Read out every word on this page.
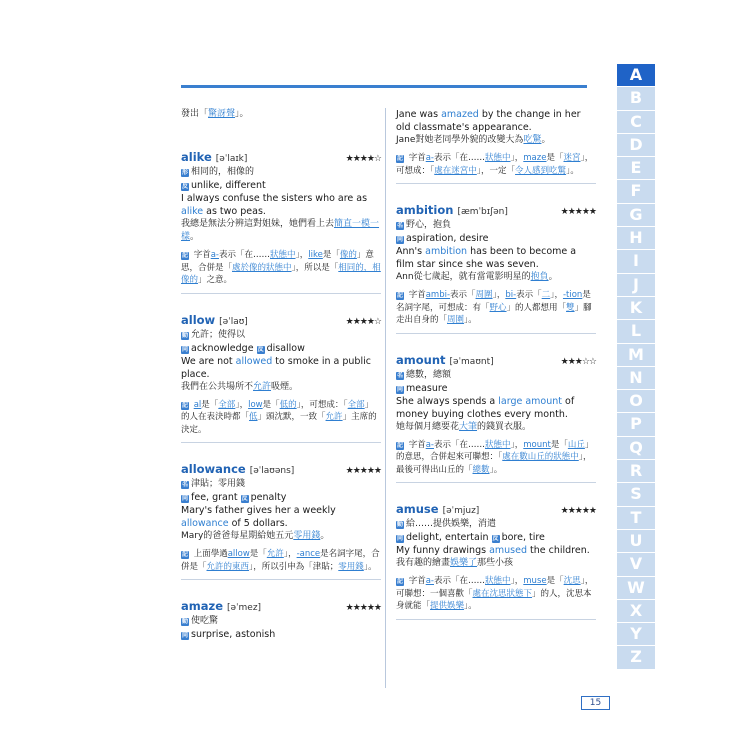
發出「驚訝聲」。
alike [əˈlaɪk]	★★★★☆
形 相同的，相像的
反 unlike, different
I always confuse the sisters who are as alike as two peas.
我總是無法分辨這對姐妹，她們看上去簡直一模一樣。
記 字首a-表示「在……狀態中」，like是「像的」意思，合併是「處於像的狀態中」，所以是「相同的，相像的」之意。
allow [əˈlaʊ]	★★★★☆
動 允許；使得以
同 acknowledge 反 disallow
We are not allowed to smoke in a public place.
我們在公共場所不允許吸煙。
記 al是「全部」，low是「低的」，可想成：「全部」的人在表決時都「低」頭沈默，一致「允許」主席的決定。
allowance [əˈlaʊəns]	★★★★★
名 津貼；零用錢
同 fee, grant 反 penalty
Mary's father gives her a weekly allowance of 5 dollars.
Mary的爸爸每星期給她五元零用錢。
記 上面學過allow是「允許」，-ance是名詞字尾，合併是「允許的東西」，所以引申為「津貼；零用錢」。
amaze [əˈmez]	★★★★★
動 使吃驚
同 surprise, astonish
Jane was amazed by the change in her old classmate's appearance.
Jane對她老同學外貌的改變大為吃驚。
記 字首a-表示「在……狀態中」，maze是「迷宮」，可想成：「處在迷宮中」，一定「令人感到吃驚」。
ambition [æmˈbɪʃən]	★★★★★
名 野心，抱負
同 aspiration, desire
Ann's ambition has been to become a film star since she was seven.
Ann從七歲起，就有當電影明星的抱負。
記 字首ambi-表示「周圍」，bi-表示「二」，-tion是名詞字尾，可想成：有「野心」的人都想用「雙」腳走出自身的「周圍」。
amount [əˈmaʊnt]	★★★☆☆
名 總數，總額
同 measure
She always spends a large amount of money buying clothes every month.
她每個月總要花大筆的錢買衣服。
記 字首a-表示「在……狀態中」，mount是「山丘」的意思，合併起來可聯想：「處在數山丘的狀態中」，最後可得出山丘的「總數」。
amuse [əˈmjuz]	★★★★★
動 給……提供娛樂，消遣
同 delight, entertain 反 bore, tire
My funny drawings amused the children.
我有趣的繪畫娛樂了那些小孩
記 字首a-表示「在……狀態中」，muse是「沈思」，可聯想：一個喜歡「處在沈思狀態下」的人，沈思本身就能「提供娛樂」。
A
B
C
D
E
F
G
H
I
J
K
L
M
N
O
P
Q
R
S
T
U
V
W
X
Y
Z
15
